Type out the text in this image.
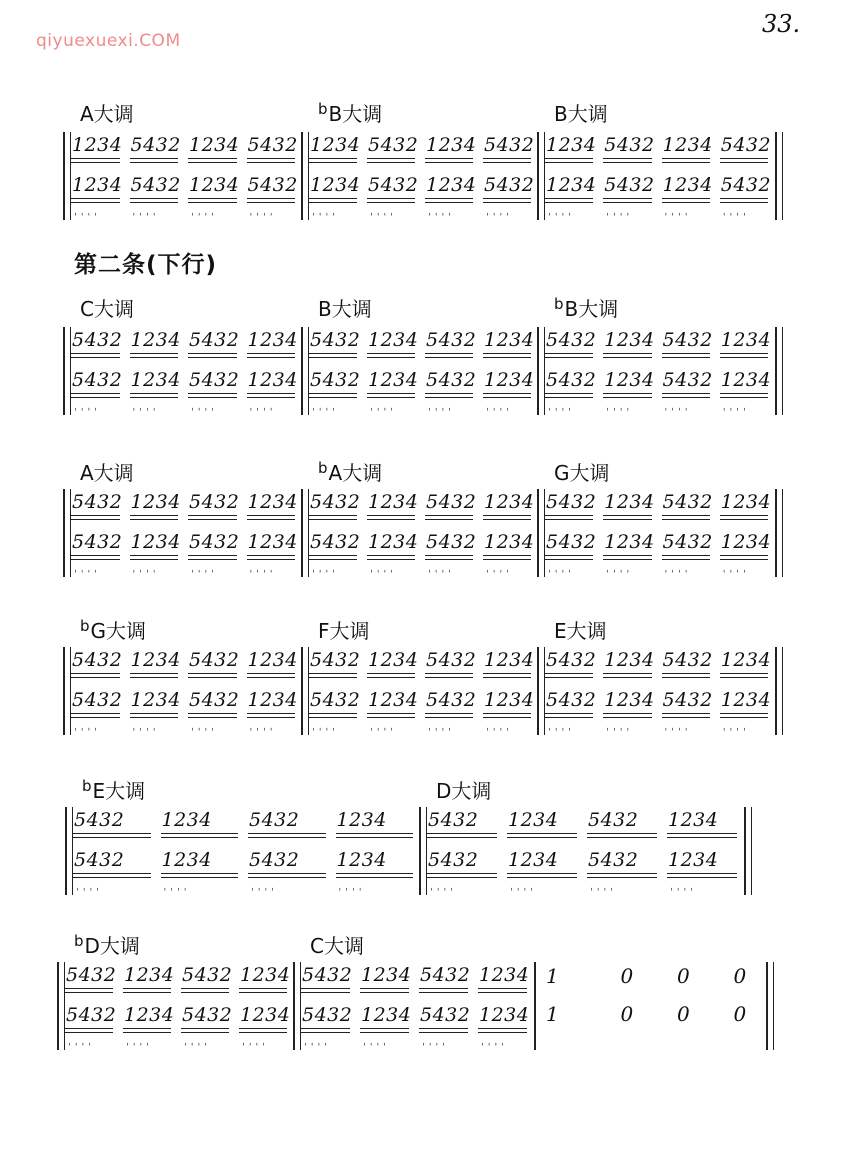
qiyuexuexi.COM
33.
第二条(下行)
A大调
1234
1234
ˌˌˌˌ
5432
5432
ˌˌˌˌ
1234
1234
ˌˌˌˌ
5432
5432
ˌˌˌˌ
$^b$B大调
1234
1234
ˌˌˌˌ
5432
5432
ˌˌˌˌ
1234
1234
ˌˌˌˌ
5432
5432
ˌˌˌˌ
B大调
1234
1234
ˌˌˌˌ
5432
5432
ˌˌˌˌ
1234
1234
ˌˌˌˌ
5432
5432
ˌˌˌˌ
C大调
5432
5432
ˌˌˌˌ
1234
1234
ˌˌˌˌ
5432
5432
ˌˌˌˌ
1234
1234
ˌˌˌˌ
B大调
5432
5432
ˌˌˌˌ
1234
1234
ˌˌˌˌ
5432
5432
ˌˌˌˌ
1234
1234
ˌˌˌˌ
$^b$B大调
5432
5432
ˌˌˌˌ
1234
1234
ˌˌˌˌ
5432
5432
ˌˌˌˌ
1234
1234
ˌˌˌˌ
A大调
5432
5432
ˌˌˌˌ
1234
1234
ˌˌˌˌ
5432
5432
ˌˌˌˌ
1234
1234
ˌˌˌˌ
$^b$A大调
5432
5432
ˌˌˌˌ
1234
1234
ˌˌˌˌ
5432
5432
ˌˌˌˌ
1234
1234
ˌˌˌˌ
G大调
5432
5432
ˌˌˌˌ
1234
1234
ˌˌˌˌ
5432
5432
ˌˌˌˌ
1234
1234
ˌˌˌˌ
$^b$G大调
5432
5432
ˌˌˌˌ
1234
1234
ˌˌˌˌ
5432
5432
ˌˌˌˌ
1234
1234
ˌˌˌˌ
F大调
5432
5432
ˌˌˌˌ
1234
1234
ˌˌˌˌ
5432
5432
ˌˌˌˌ
1234
1234
ˌˌˌˌ
E大调
5432
5432
ˌˌˌˌ
1234
1234
ˌˌˌˌ
5432
5432
ˌˌˌˌ
1234
1234
ˌˌˌˌ
$^b$E大调
5432
5432
ˌˌˌˌ
1234
1234
ˌˌˌˌ
5432
5432
ˌˌˌˌ
1234
1234
ˌˌˌˌ
D大调
5432
5432
ˌˌˌˌ
1234
1234
ˌˌˌˌ
5432
5432
ˌˌˌˌ
1234
1234
ˌˌˌˌ
$^b$D大调
5432
5432
ˌˌˌˌ
1234
1234
ˌˌˌˌ
5432
5432
ˌˌˌˌ
1234
1234
ˌˌˌˌ
C大调
5432
5432
ˌˌˌˌ
1234
1234
ˌˌˌˌ
5432
5432
ˌˌˌˌ
1234
1234
ˌˌˌˌ
1
1
0
0
0
0
0
0
